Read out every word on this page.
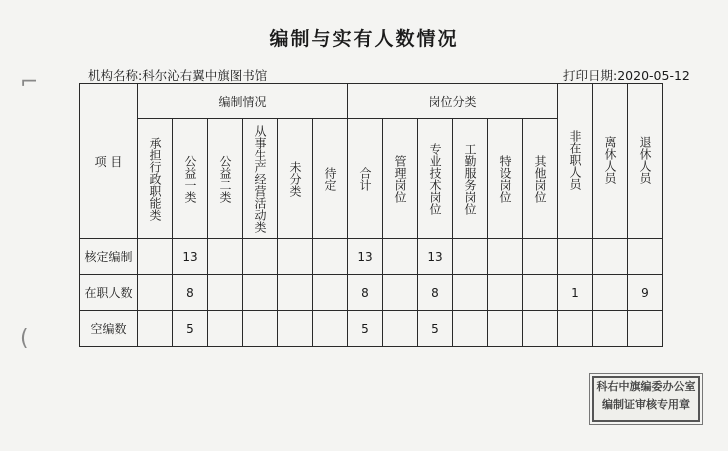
编制与实有人数情况
机构名称:科尔沁右翼中旗图书馆	打印日期:2020-05-12
项 目	编制情况						岗位分类						非在职人员	离休人员	退休人员
	承担行政职能类	公益一类	公益二类	从事生产经营活动类	未分类	待定	合计	管理岗位	专业技术岗位	工勤服务岗位	特设岗位	其他岗位			
核定编制		13					13		13						
在职人数		8					8		8				1		9
空编数		5					5		5						
⌐
(
科右中旗编委办公室
编制证审核专用章
